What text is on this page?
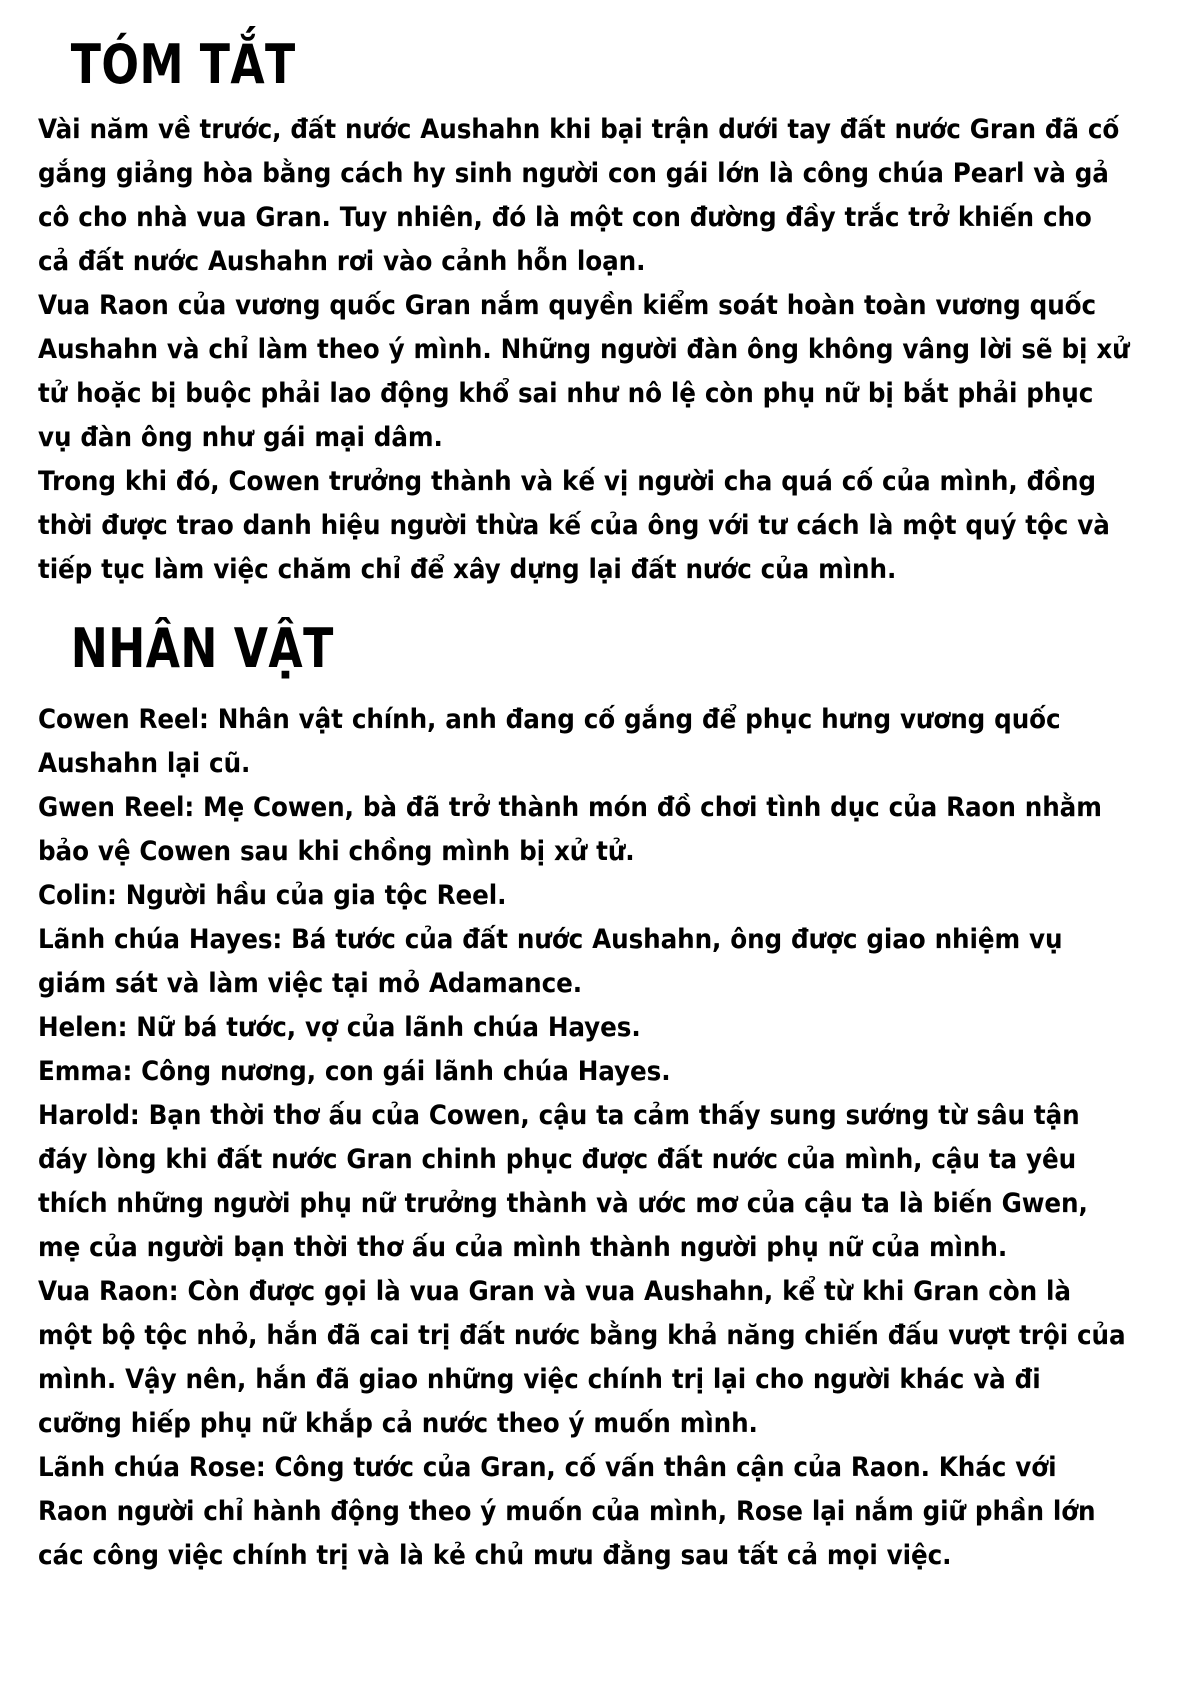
TÓM TẮT

Vài năm về trước, đất nước Aushahn khi bại trận dưới tay đất nước Gran đã cố gắng giảng hòa bằng cách hy sinh người con gái lớn là công chúa Pearl và gả cô cho nhà vua Gran. Tuy nhiên, đó là một con đường đầy trắc trở khiến cho cả đất nước Aushahn rơi vào cảnh hỗn loạn.

Vua Raon của vương quốc Gran nắm quyền kiểm soát hoàn toàn vương quốc Aushahn và chỉ làm theo ý mình. Những người đàn ông không vâng lời sẽ bị xử tử hoặc bị buộc phải lao động khổ sai như nô lệ còn phụ nữ bị bắt phải phục vụ đàn ông như gái mại dâm.

Trong khi đó, Cowen trưởng thành và kế vị người cha quá cố của mình, đồng thời được trao danh hiệu người thừa kế của ông với tư cách là một quý tộc và tiếp tục làm việc chăm chỉ để xây dựng lại đất nước của mình.

NHÂN VẬT
Cowen Reel: Nhân vật chính, anh đang cố gắng để phục hưng vương quốc Aushahn lại cũ.
Gwen Reel: Mẹ Cowen, bà đã trở thành món đồ chơi tình dục của Raon nhằm bảo vệ Cowen sau khi chồng mình bị xử tử.
Colin: Người hầu của gia tộc Reel.
Lãnh chúa Hayes: Bá tước của đất nước Aushahn, ông được giao nhiệm vụ giám sát và làm việc tại mỏ Adamance.
Helen: Nữ bá tước, vợ của lãnh chúa Hayes.
Emma: Công nương, con gái lãnh chúa Hayes.
Harold: Bạn thời thơ ấu của Cowen, cậu ta cảm thấy sung sướng từ sâu tận đáy lòng khi đất nước Gran chinh phục được đất nước của mình, cậu ta yêu thích những người phụ nữ trưởng thành và ước mơ của cậu ta là biến Gwen, mẹ của người bạn thời thơ ấu của mình thành người phụ nữ của mình.
Vua Raon: Còn được gọi là vua Gran và vua Aushahn, kể từ khi Gran còn là một bộ tộc nhỏ, hắn đã cai trị đất nước bằng khả năng chiến đấu vượt trội của mình. Vậy nên, hắn đã giao những việc chính trị lại cho người khác và đi cưỡng hiếp phụ nữ khắp cả nước theo ý muốn mình.
Lãnh chúa Rose: Công tước của Gran, cố vấn thân cận của Raon. Khác với Raon người chỉ hành động theo ý muốn của mình, Rose lại nắm giữ phần lớn các công việc chính trị và là kẻ chủ mưu đằng sau tất cả mọi việc.
